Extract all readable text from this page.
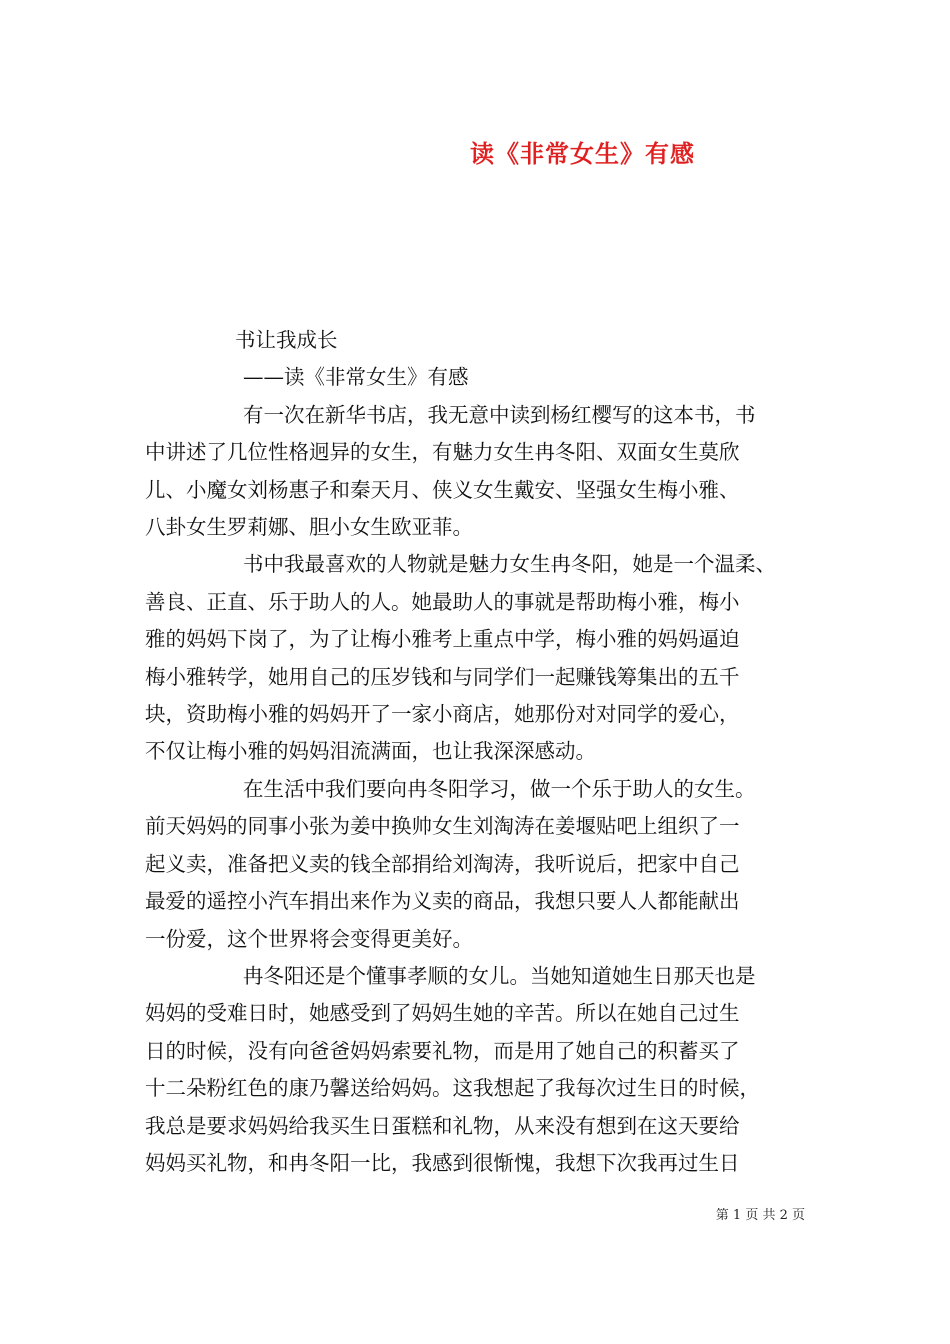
读《非常女生》有感
书让我成长
——读《非常女生》有感
有一次在新华书店，我无意中读到杨红樱写的这本书，书
中讲述了几位性格迥异的女生，有魅力女生冉冬阳、双面女生莫欣
儿、小魔女刘杨惠子和秦天月、侠义女生戴安、坚强女生梅小雅、
八卦女生罗莉娜、胆小女生欧亚菲。
书中我最喜欢的人物就是魅力女生冉冬阳，她是一个温柔、
善良、正直、乐于助人的人。她最助人的事就是帮助梅小雅，梅小
雅的妈妈下岗了，为了让梅小雅考上重点中学，梅小雅的妈妈逼迫
梅小雅转学，她用自己的压岁钱和与同学们一起赚钱筹集出的五千
块，资助梅小雅的妈妈开了一家小商店，她那份对对同学的爱心，
不仅让梅小雅的妈妈泪流满面，也让我深深感动。
在生活中我们要向冉冬阳学习，做一个乐于助人的女生。
前天妈妈的同事小张为姜中换帅女生刘淘涛在姜堰贴吧上组织了一
起义卖，准备把义卖的钱全部捐给刘淘涛，我听说后，把家中自己
最爱的遥控小汽车捐出来作为义卖的商品，我想只要人人都能献出
一份爱，这个世界将会变得更美好。
冉冬阳还是个懂事孝顺的女儿。当她知道她生日那天也是
妈妈的受难日时，她感受到了妈妈生她的辛苦。所以在她自己过生
日的时候，没有向爸爸妈妈索要礼物，而是用了她自己的积蓄买了
十二朵粉红色的康乃馨送给妈妈。这我想起了我每次过生日的时候，
我总是要求妈妈给我买生日蛋糕和礼物，从来没有想到在这天要给
妈妈买礼物，和冉冬阳一比，我感到很惭愧，我想下次我再过生日
第 1 页 共 2 页
